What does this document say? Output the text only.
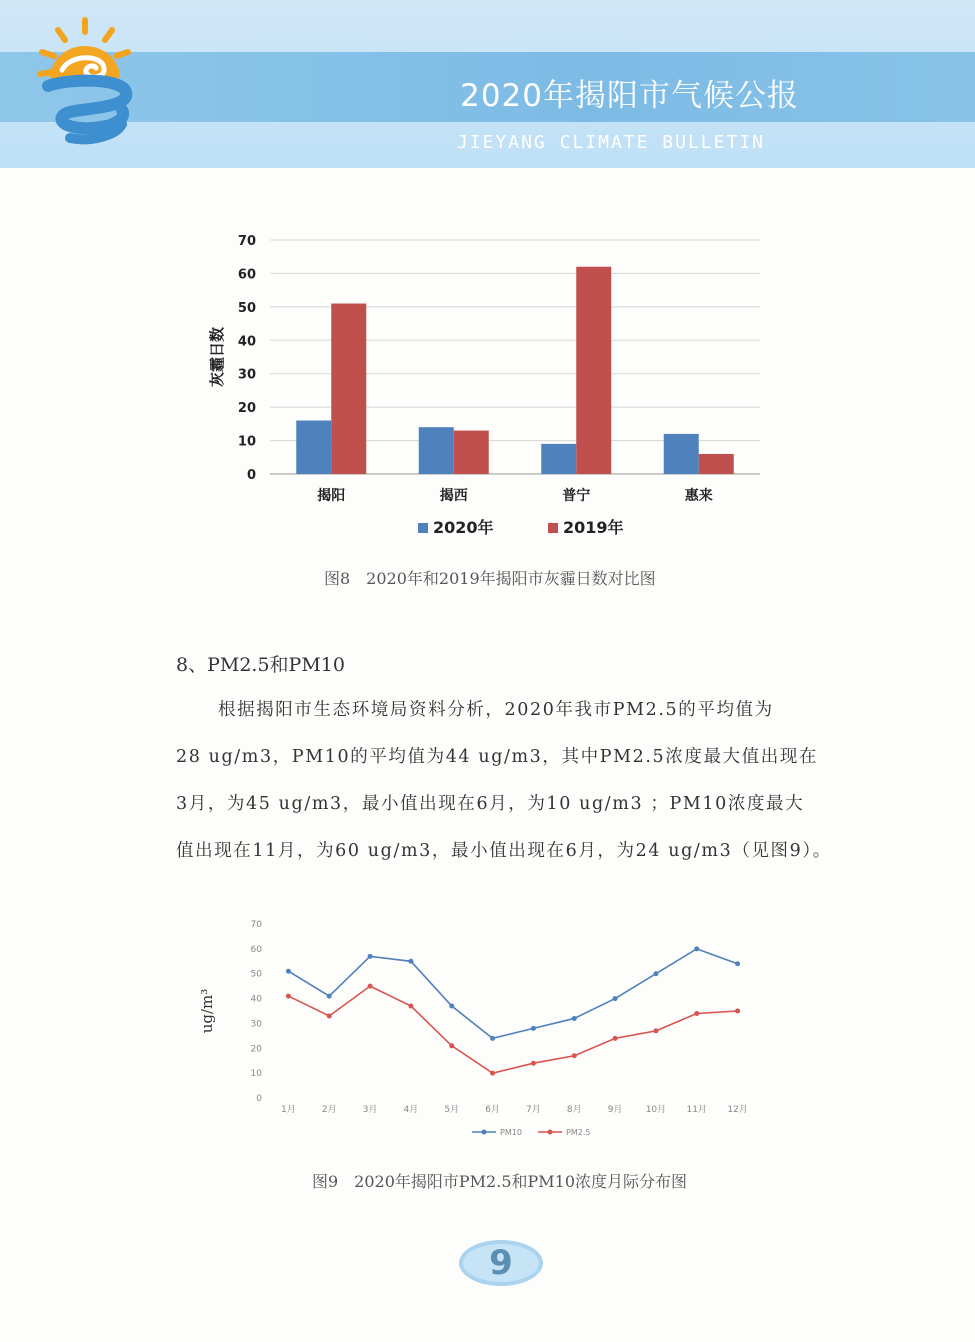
2020年揭阳市气候公报
JIEYANG CLIMATE BULLETIN
0
10
20
30
40
50
60
70
灰霾日数
揭阳	揭西	普宁	惠来
2020年	2019年
图8　2020年和2019年揭阳市灰霾日数对比图
8、PM2.5和PM10
根据揭阳市生态环境局资料分析，2020年我市PM2.5的平均值为
28 ug/m3，PM10的平均值为44 ug/m3，其中PM2.5浓度最大值出现在
3月，为45 ug/m3，最小值出现在6月，为10 ug/m3 ；PM10浓度最大
值出现在11月，为60 ug/m3，最小值出现在6月，为24 ug/m3（见图9）。
0
10
20
30
40
50
60
70
ug/m³
1月	2月	3月	4月	5月	6月	7月	8月	9月	10月 11月 12月
PM10	PM2.5
图9　2020年揭阳市PM2.5和PM10浓度月际分布图
9
